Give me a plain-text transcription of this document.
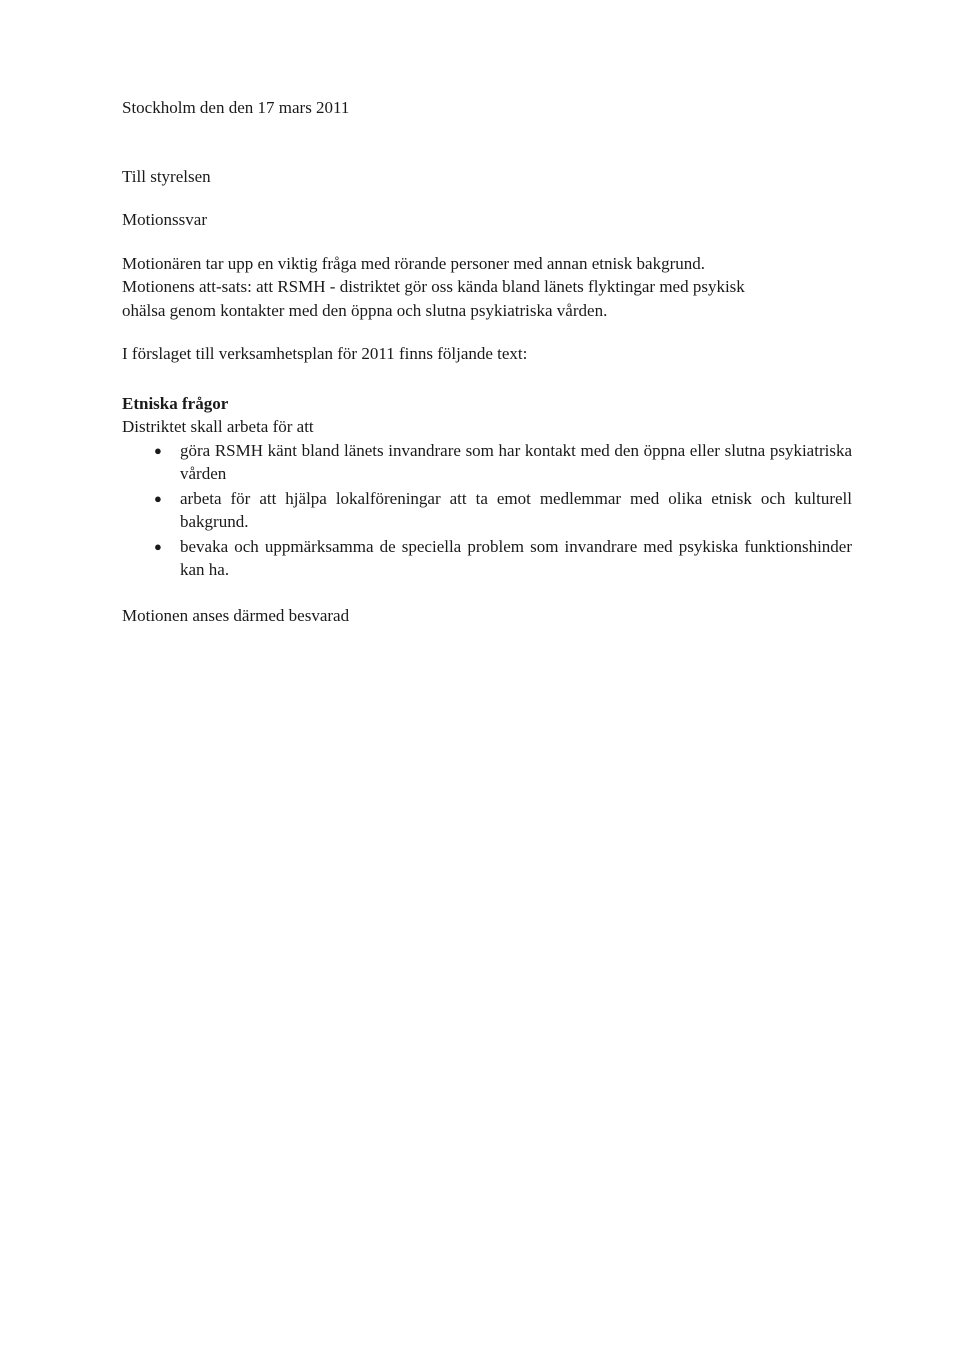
Stockholm den den 17 mars 2011

Till styrelsen

Motionssvar

Motionären tar upp en viktig fråga med rörande personer med annan etnisk bakgrund.
Motionens att-sats: att RSMH - distriktet gör oss kända bland länets flyktingar med psykisk
ohälsa genom kontakter med den öppna och slutna psykiatriska vården.

I förslaget till verksamhetsplan för 2011 finns följande text:

Etniska frågor

Distriktet skall arbeta för att

● göra RSMH känt bland länets invandrare som har kontakt med den öppna eller slutna psykiatriska vården
● arbeta för att hjälpa lokalföreningar att ta emot medlemmar med olika etnisk och kulturell bakgrund.
● bevaka och uppmärksamma de speciella problem som invandrare med psykiska funktionshinder kan ha.

Motionen anses därmed besvarad
